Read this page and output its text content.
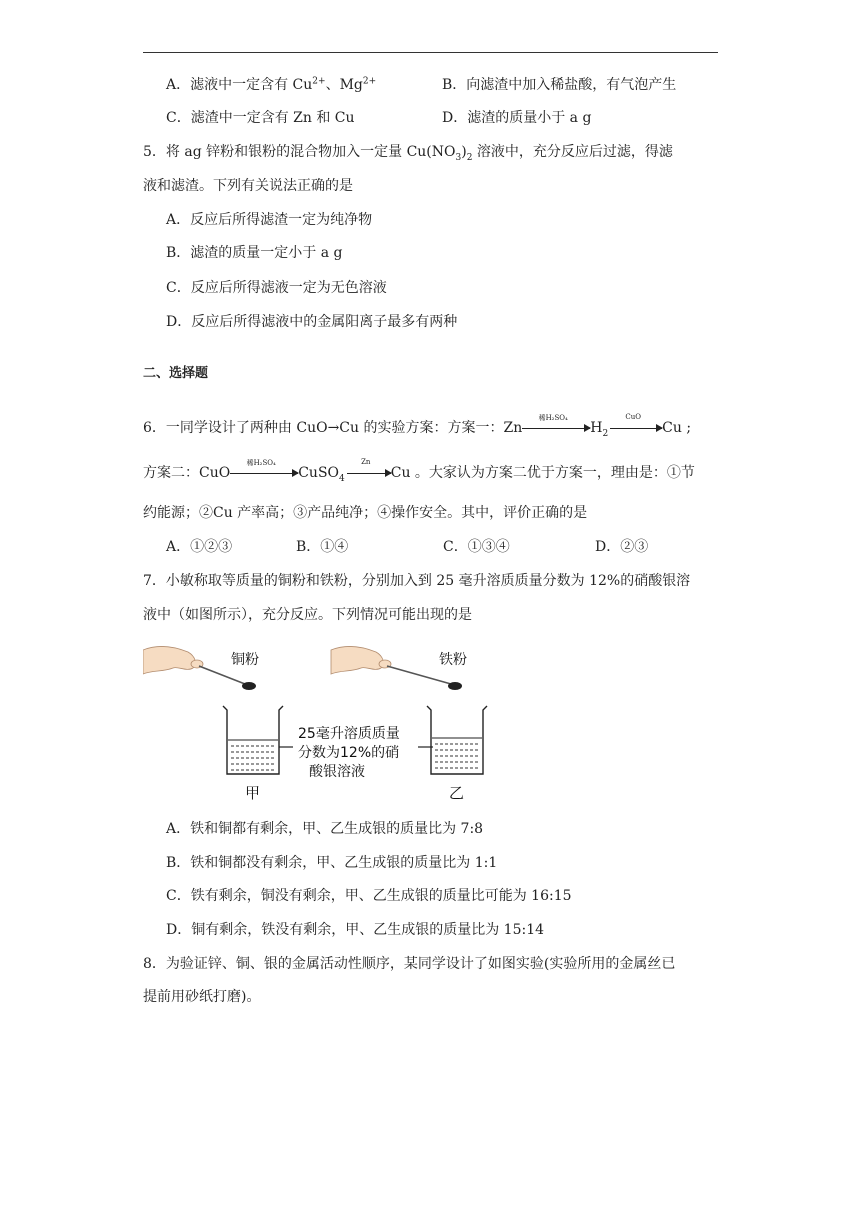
A．滤液中一定含有 $Cu^{2+}$、$Mg^{2+}$	B．向滤渣中加入稀盐酸，有气泡产生
C．滤渣中一定含有 Zn 和 Cu	D．滤渣的质量小于 a g
5．将 ag 锌粉和银粉的混合物加入一定量 $Cu(NO_3)_2$ 溶液中，充分反应后过滤，得滤
液和滤渣。下列有关说法正确的是
A．反应后所得滤渣一定为纯净物
B．滤渣的质量一定小于 a g
C．反应后所得滤液一定为无色溶液
D．反应后所得滤液中的金属阳离子最多有两种
二、选择题
6．一同学设计了两种由 CuO→Cu 的实验方案：方案一：Zn
稀H₂SO₄
$H_2$
CuO
Cu ;
方案二：CuO
稀H₂SO₄
CuSO$_4$
Zn
Cu 。大家认为方案二优于方案一，理由是：①节
约能源；②Cu 产率高；③产品纯净；④操作安全。其中，评价正确的是
A．①②③	B．①④	C．①③④	D．②③
7．小敏称取等质量的铜粉和铁粉，分别加入到 25 毫升溶质质量分数为 12%的硝酸银溶
液中（如图所示），充分反应。下列情况可能出现的是
铜粉	铁粉
25毫升溶质质量
分数为12%的硝
酸银溶液
甲	乙
A．铁和铜都有剩余，甲、乙生成银的质量比为 7:8
B．铁和铜都没有剩余，甲、乙生成银的质量比为 1:1
C．铁有剩余，铜没有剩余，甲、乙生成银的质量比可能为 16:15
D．铜有剩余，铁没有剩余，甲、乙生成银的质量比为 15:14
8．为验证锌、铜、银的金属活动性顺序，某同学设计了如图实验(实验所用的金属丝已
提前用砂纸打磨)。
